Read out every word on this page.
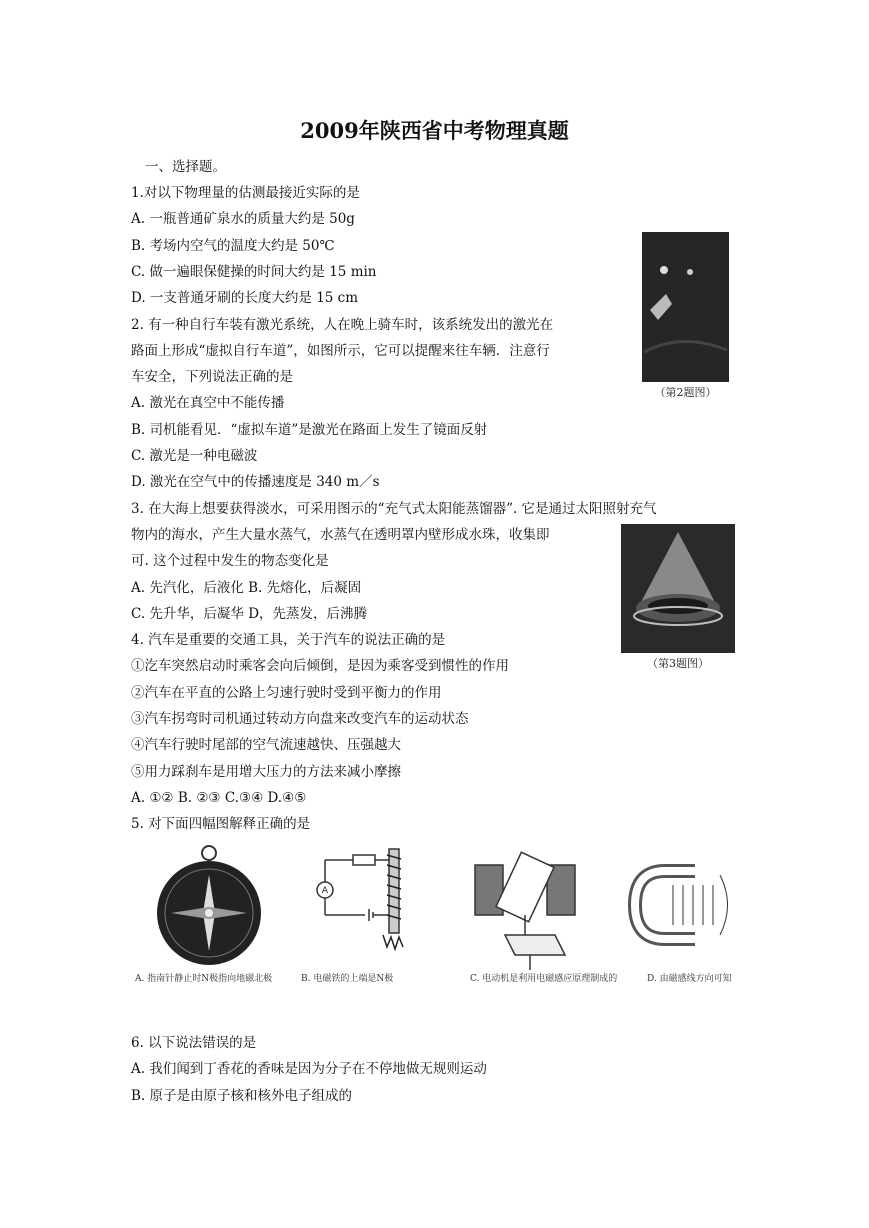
2009年陕西省中考物理真题
一、选择题。
1.对以下物理量的估测最接近实际的是
A. 一瓶普通矿泉水的质量大约是 50g
B. 考场内空气的温度大约是 50℃
C. 做一遍眼保健操的时间大约是 15 min
D. 一支普通牙刷的长度大约是 15 cm
2. 有一种自行车装有激光系统，人在晚上骑车时，该系统发出的激光在
路面上形成“虚拟自行车道”，如图所示，它可以提醒来往车辆．注意行
车安全，下列说法正确的是
A. 激光在真空中不能传播
B. 司机能看见．“虚拟车道”是激光在路面上发生了镜面反射
C. 激光是一种电磁波
D. 激光在空气中的传播速度是 340 m／s
3. 在大海上想要获得淡水，可采用图示的“充气式太阳能蒸馏器”. 它是通过太阳照射充气
物内的海水，产生大量水蒸气，水蒸气在透明罩内壁形成水珠，收集即
可. 这个过程中发生的物态变化是
A. 先汽化，后液化 B. 先熔化，后凝固
C. 先升华，后凝华 D，先蒸发，后沸腾
4. 汽车是重要的交通工具，关于汽车的说法正确的是
①汔车突然启动时乘客会向后倾倒，是因为乘客受到惯性的作用
②汽车在平直的公路上匀速行驶时受到平衡力的作用
③汽车拐弯时司机通过转动方向盘来改变汽车的运动状态
④汽车行驶时尾部的空气流速越快、压强越大
⑤用力踩刹车是用增大压力的方法来减小摩擦
A. ①② B. ②③ C.③④ D.④⑤
5. 对下面四幅图解释正确的是
6. 以下说法错误的是
A. 我们闻到丁香花的香味是因为分子在不停地做无规则运动
B. 原子是由原子核和核外电子组成的
（第2题图）
（第3题图）
A
A. 指南针静止时N极指向地磁北极	B. 电磁铁的上端是N极	C. 电动机是利用电磁感应原理制成的	D. 由磁感线方向可知
